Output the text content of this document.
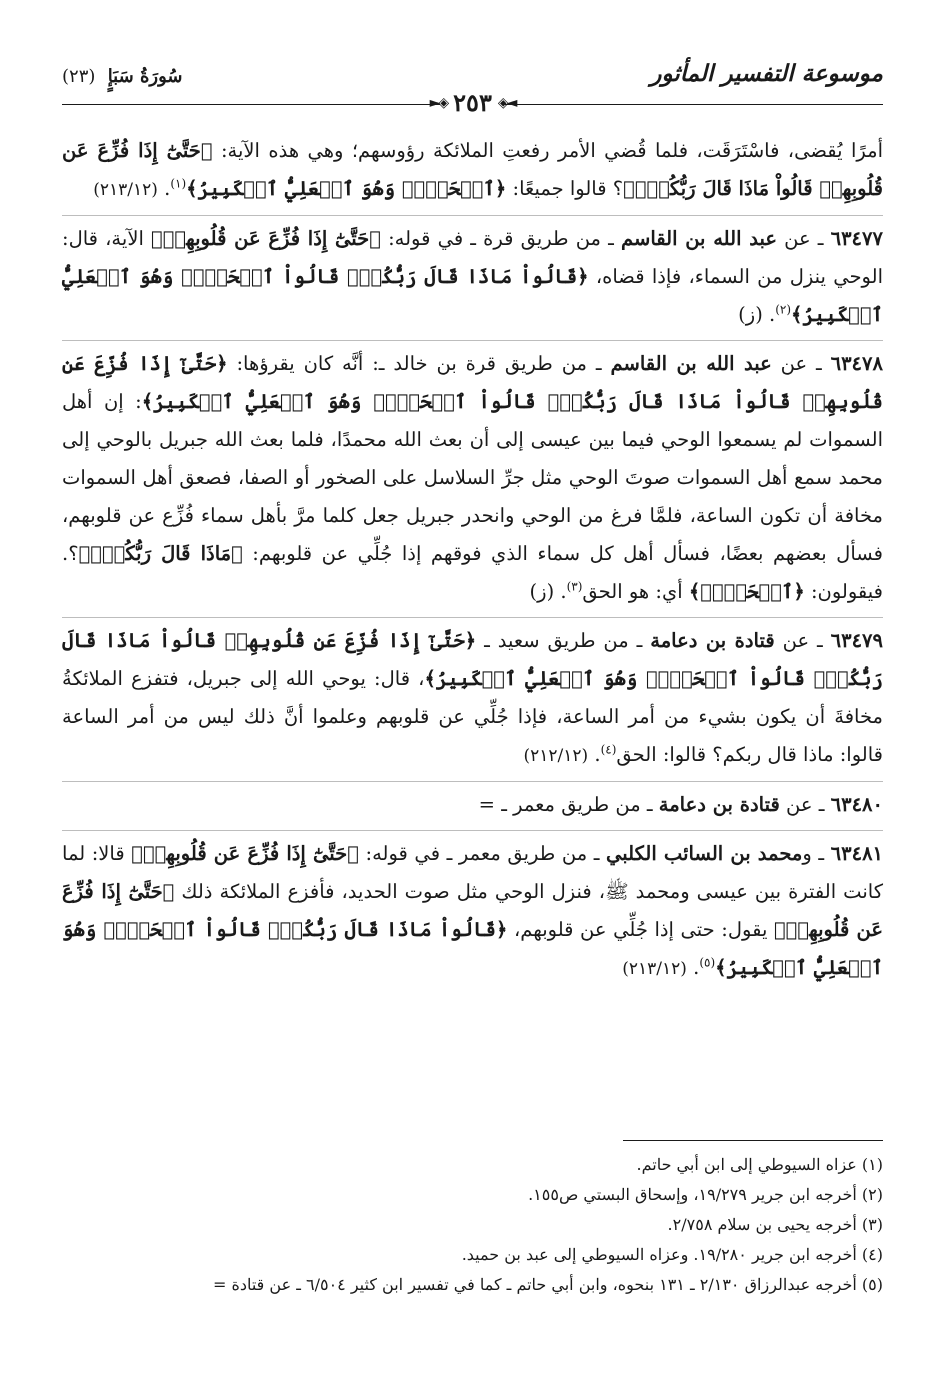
موسوعة التفسير المأثور
سُورَةُ سَبَإٍ (٢٣)
◄◈
٢٥٣
◈►

أمرًا يُقضى، فاسْتَرَقَت، فلما قُضي الأمر رفعتِ الملائكة رؤوسهم؛ وهي هذه الآية: ﴿حَتَّىٰٓ إِذَا فُزِّعَ عَن قُلُوبِهِمۡ قَالُواْ مَاذَا قَالَ رَبُّكُمۡۖ﴾؟ قالوا جميعًا: ﴿ٱلۡحَقَّۖ وَهُوَ ٱلۡعَلِيُّ ٱلۡكَبِيرُ﴾$^{(١)}$. (٢١٣/١٢)

٦٣٤٧٧ ـ عن عبد الله بن القاسم ـ من طريق قرة ـ في قوله: ﴿حَتَّىٰٓ إِذَا فُزِّعَ عَن قُلُوبِهِمۡ﴾ الآية، قال: الوحي ينزل من السماء، فإذا قضاه، ﴿قَالُواْ مَاذَا قَالَ رَبُّكُمۡۖ قَالُواْ ٱلۡحَقَّۖ وَهُوَ ٱلۡعَلِيُّ ٱلۡكَبِيرُ﴾$^{(٢)}$. (ز)

٦٣٤٧٨ ـ عن عبد الله بن القاسم ـ من طريق قرة بن خالد ـ: أنَّه كان يقرؤها: ﴿حَتَّىٰٓ إِذَا فُزِّعَ عَن قُلُوبِهِمۡ قَالُواْ مَاذَا قَالَ رَبُّكُمۡۖ قَالُواْ ٱلۡحَقَّۖ وَهُوَ ٱلۡعَلِيُّ ٱلۡكَبِيرُ﴾: إن أهل السموات لم يسمعوا الوحي فيما بين عيسى إلى أن بعث الله محمدًا، فلما بعث الله جبريل بالوحي إلى محمد سمع أهل السموات صوتَ الوحي مثل جرِّ السلاسل على الصخور أو الصفا، فصعق أهل السموات مخافة أن تكون الساعة، فلمَّا فرغ من الوحي وانحدر جبريل جعل كلما مرَّ بأهل سماء فُزِّع عن قلوبهم، فسأل بعضهم بعضًا، فسأل أهل كل سماء الذي فوقهم إذا جُلِّي عن قلوبهم: ﴿مَاذَا قَالَ رَبُّكُمۡۖ﴾؟. فيقولون: ﴿ٱلۡحَقَّۖ﴾ أي: هو الحق$^{(٣)}$. (ز)

٦٣٤٧٩ ـ عن قتادة بن دعامة ـ من طريق سعيد ـ ﴿حَتَّىٰٓ إِذَا فُزِّعَ عَن قُلُوبِهِمۡ قَالُواْ مَاذَا قَالَ رَبُّكُمۡۖ قَالُواْ ٱلۡحَقَّۖ وَهُوَ ٱلۡعَلِيُّ ٱلۡكَبِيرُ﴾، قال: يوحي الله إلى جبريل، فتفزع الملائكةُ مخافةَ أن يكون بشيء من أمر الساعة، فإذا جُلِّي عن قلوبهم وعلموا أنَّ ذلك ليس من أمر الساعة قالوا: ماذا قال ربكم؟ قالوا: الحق$^{(٤)}$. (٢١٢/١٢)

٦٣٤٨٠ ـ عن قتادة بن دعامة ـ من طريق معمر ـ =

٦٣٤٨١ ـ ومحمد بن السائب الكلبي ـ من طريق معمر ـ في قوله: ﴿حَتَّىٰٓ إِذَا فُزِّعَ عَن قُلُوبِهِمۡ﴾ قالا: لما كانت الفترة بين عيسى ومحمد ﷺ، فنزل الوحي مثل صوت الحديد، فأفزع الملائكة ذلك ﴿حَتَّىٰٓ إِذَا فُزِّعَ عَن قُلُوبِهِمۡ﴾ يقول: حتى إذا جُلِّي عن قلوبهم، ﴿قَالُواْ مَاذَا قَالَ رَبُّكُمۡۖ قَالُواْ ٱلۡحَقَّۖ وَهُوَ ٱلۡعَلِيُّ ٱلۡكَبِيرُ﴾$^{(٥)}$. (٢١٣/١٢)

(١) عزاه السيوطي إلى ابن أبي حاتم.
(٢) أخرجه ابن جرير ١٩/٢٧٩، وإسحاق البستي ص١٥٥.
(٣) أخرجه يحيى بن سلام ٢/٧٥٨.
(٤) أخرجه ابن جرير ١٩/٢٨٠. وعزاه السيوطي إلى عبد بن حميد.
(٥) أخرجه عبدالرزاق ٢/١٣٠ ـ ١٣١ بنحوه، وابن أبي حاتم ـ كما في تفسير ابن كثير ٦/٥٠٤ ـ عن قتادة =
